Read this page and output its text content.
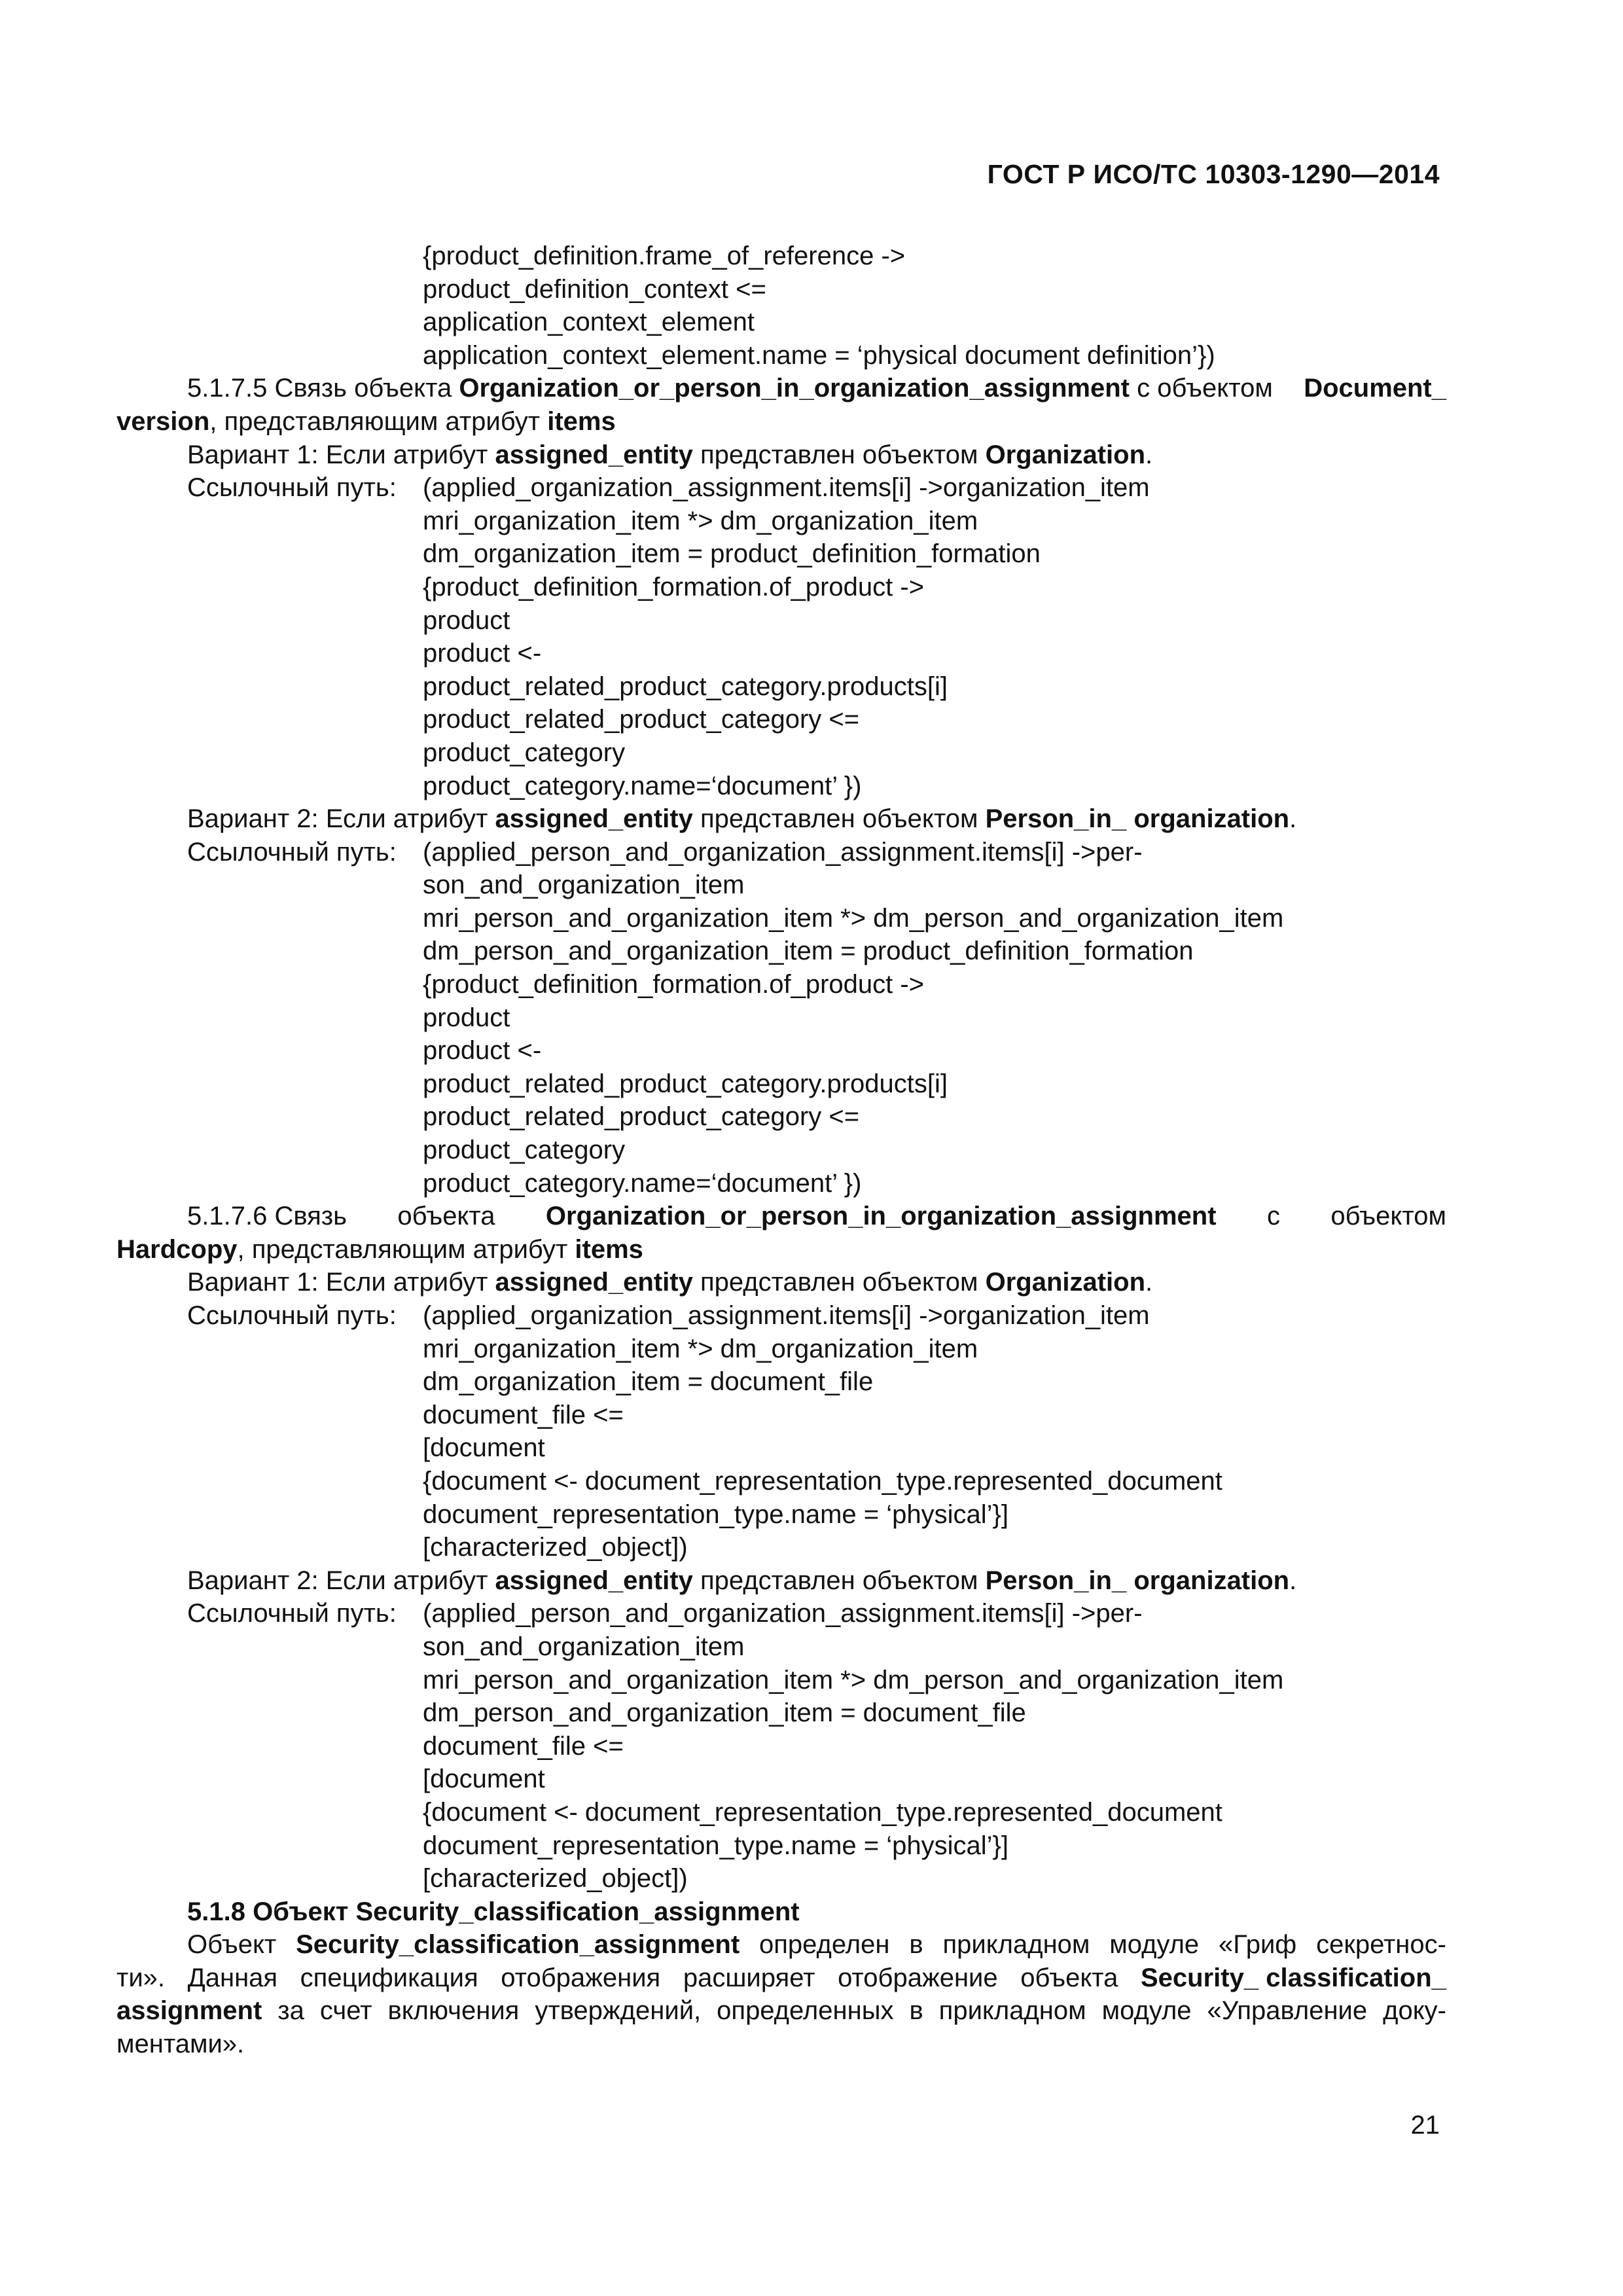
ГОСТ Р ИСО/ТС 10303-1290—2014
{product_definition.frame_of_reference ->
product_definition_context <=
application_context_element
application_context_element.name = ‘physical document definition’})
5.1.7.5 Связь объекта Organization_or_person_in_organization_assignment с объектом Document_
version, представляющим атрибут items
Вариант 1: Если атрибут assigned_entity представлен объектом Organization.
Ссылочный путь: (applied_organization_assignment.items[i] ->organization_item
mri_organization_item *> dm_organization_item
dm_organization_item = product_definition_formation
{product_definition_formation.of_product ->
product
product <-
product_related_product_category.products[i]
product_related_product_category <=
product_category
product_category.name=‘document’ })
Вариант 2: Если атрибут assigned_entity представлен объектом Person_in_ organization.
Ссылочный путь: (applied_person_and_organization_assignment.items[i] ->per-
son_and_organization_item
mri_person_and_organization_item *> dm_person_and_organization_item
dm_person_and_organization_item = product_definition_formation
{product_definition_formation.of_product ->
product
product <-
product_related_product_category.products[i]
product_related_product_category <=
product_category
product_category.name=‘document’ })
5.1.7.6 Связь объекта Organization_or_person_in_organization_assignment с объектом
Hardcopy, представляющим атрибут items
Вариант 1: Если атрибут assigned_entity представлен объектом Organization.
Ссылочный путь: (applied_organization_assignment.items[i] ->organization_item
mri_organization_item *> dm_organization_item
dm_organization_item = document_file
document_file <=
[document
{document <- document_representation_type.represented_document
document_representation_type.name = ‘physical’}]
[characterized_object])
Вариант 2: Если атрибут assigned_entity представлен объектом Person_in_ organization.
Ссылочный путь: (applied_person_and_organization_assignment.items[i] ->per-
son_and_organization_item
mri_person_and_organization_item *> dm_person_and_organization_item
dm_person_and_organization_item = document_file
document_file <=
[document
{document <- document_representation_type.represented_document
document_representation_type.name = ‘physical’}]
[characterized_object])
5.1.8 Объект Security_classification_assignment
Объект Security_classification_assignment определен в прикладном модуле «Гриф секретнос-
ти». Данная спецификация отображения расширяет отображение объекта Security_ classification_
assignment за счет включения утверждений, определенных в прикладном модуле «Управление доку-
ментами».
21
